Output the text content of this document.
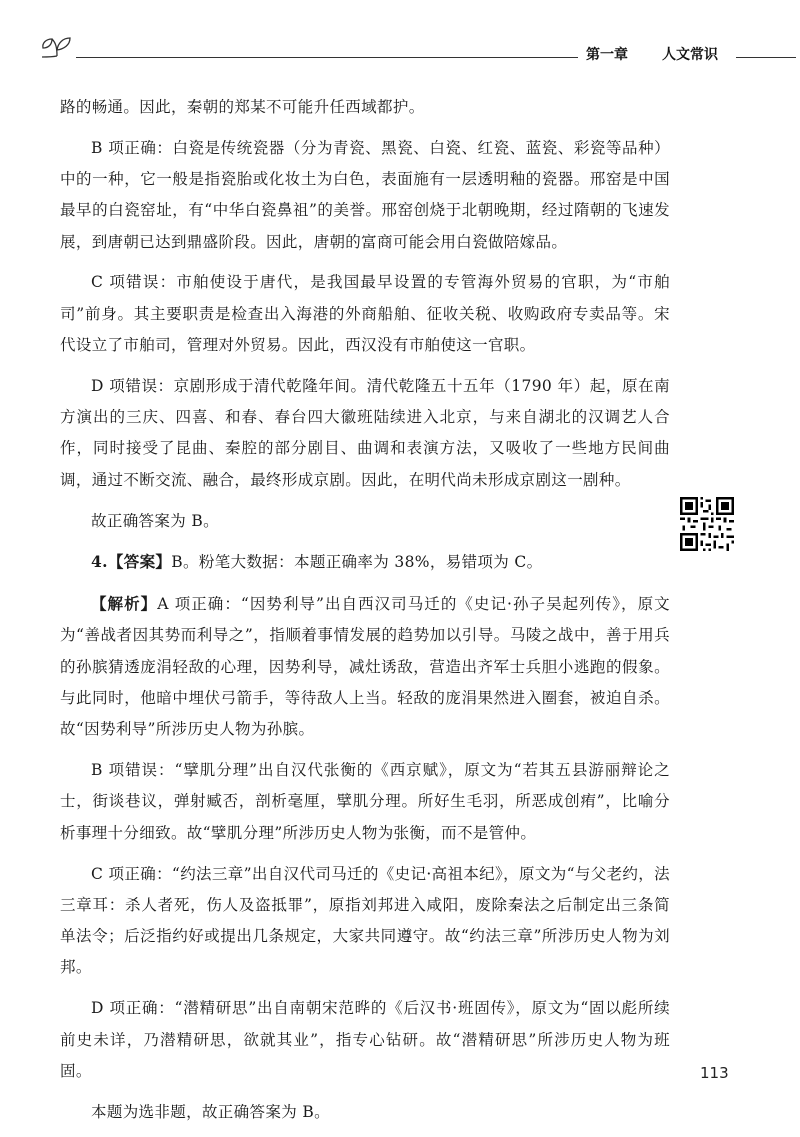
第一章 人文常识

路的畅通。因此，秦朝的郑某不可能升任西域都护。

B 项正确：白瓷是传统瓷器（分为青瓷、黑瓷、白瓷、红瓷、蓝瓷、彩瓷等品种）中的一种，它一般是指瓷胎或化妆土为白色，表面施有一层透明釉的瓷器。邢窑是中国最早的白瓷窑址，有“中华白瓷鼻祖”的美誉。邢窑创烧于北朝晚期，经过隋朝的飞速发展，到唐朝已达到鼎盛阶段。因此，唐朝的富商可能会用白瓷做陪嫁品。

C 项错误：市舶使设于唐代，是我国最早设置的专管海外贸易的官职，为“市舶司”前身。其主要职责是检查出入海港的外商船舶、征收关税、收购政府专卖品等。宋代设立了市舶司，管理对外贸易。因此，西汉没有市舶使这一官职。

D 项错误：京剧形成于清代乾隆年间。清代乾隆五十五年（1790 年）起，原在南方演出的三庆、四喜、和春、春台四大徽班陆续进入北京，与来自湖北的汉调艺人合作，同时接受了昆曲、秦腔的部分剧目、曲调和表演方法，又吸收了一些地方民间曲调，通过不断交流、融合，最终形成京剧。因此，在明代尚未形成京剧这一剧种。

故正确答案为 B。

4.【答案】B。粉笔大数据：本题正确率为 38%，易错项为 C。

【解析】A 项正确：“因势利导”出自西汉司马迁的《史记·孙子吴起列传》，原文为“善战者因其势而利导之”，指顺着事情发展的趋势加以引导。马陵之战中，善于用兵的孙膑猜透庞涓轻敌的心理，因势利导，减灶诱敌，营造出齐军士兵胆小逃跑的假象。与此同时，他暗中埋伏弓箭手，等待敌人上当。轻敌的庞涓果然进入圈套，被迫自杀。故“因势利导”所涉历史人物为孙膑。

B 项错误：“擘肌分理”出自汉代张衡的《西京赋》，原文为“若其五县游丽辩论之士，街谈巷议，弹射臧否，剖析毫厘，擘肌分理。所好生毛羽，所恶成创痏”，比喻分析事理十分细致。故“擘肌分理”所涉历史人物为张衡，而不是管仲。

C 项正确：“约法三章”出自汉代司马迁的《史记·高祖本纪》，原文为“与父老约，法三章耳：杀人者死，伤人及盗抵罪”，原指刘邦进入咸阳，废除秦法之后制定出三条简单法令；后泛指约好或提出几条规定，大家共同遵守。故“约法三章”所涉历史人物为刘邦。

D 项正确：“潜精研思”出自南朝宋范晔的《后汉书·班固传》，原文为“固以彪所续前史未详，乃潜精研思，欲就其业”，指专心钻研。故“潜精研思”所涉历史人物为班固。

本题为选非题，故正确答案为 B。

113
